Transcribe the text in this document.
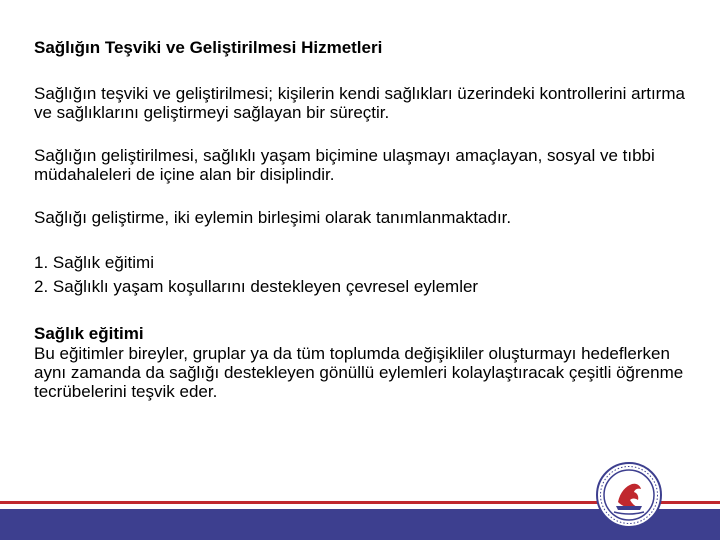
Sağlığın Teşviki ve Geliştirilmesi Hizmetleri

Sağlığın teşviki ve geliştirilmesi; kişilerin kendi sağlıkları üzerindeki kontrollerini artırma ve sağlıklarını geliştirmeyi sağlayan bir süreçtir.

Sağlığın geliştirilmesi, sağlıklı yaşam biçimine ulaşmayı amaçlayan, sosyal ve tıbbi müdahaleleri de içine alan bir disiplindir.

Sağlığı geliştirme, iki eylemin birleşimi olarak tanımlanmaktadır.

1. Sağlık eğitimi
2. Sağlıklı yaşam koşullarını destekleyen çevresel eylemler
Sağlık eğitimi
Bu eğitimler bireyler, gruplar ya da tüm toplumda değişikliler oluşturmayı hedeflerken aynı zamanda da sağlığı destekleyen gönüllü eylemleri kolaylaştıracak çeşitli öğrenme tecrübelerini teşvik eder.
